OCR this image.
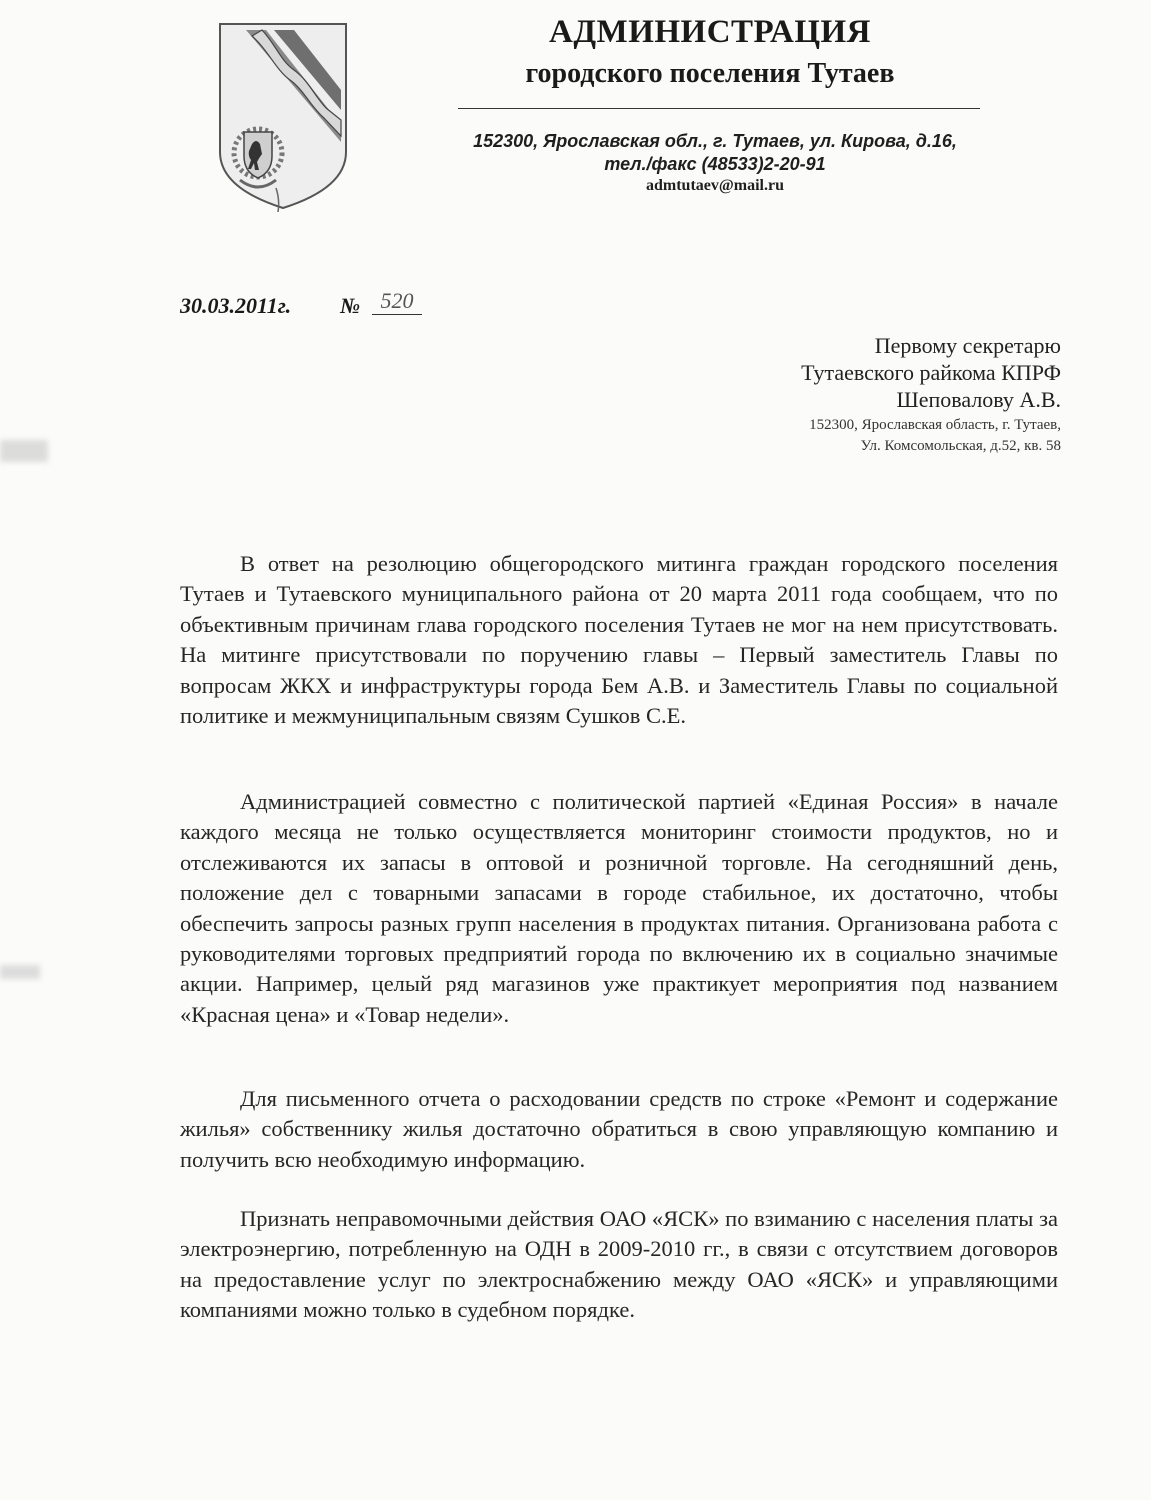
АДМИНИСТРАЦИЯ
городского поселения Тутаев
152300, Ярославская обл., г. Тутаев, ул. Кирова, д.16,
тел./факс (48533)2-20-91
admtutaev@mail.ru
30.03.2011г. № 520
Первому секретарю
Тутаевского райкома КПРФ
Шеповалову А.В.
152300, Ярославская область, г. Тутаев,
Ул. Комсомольская, д.52, кв. 58

В ответ на резолюцию общегородского митинга граждан городского поселения Тутаев и Тутаевского муниципального района от 20 марта 2011 года сообщаем, что по объективным причинам глава городского поселения Тутаев не мог на нем присутствовать. На митинге присутствовали по поручению главы – Первый заместитель Главы по вопросам ЖКХ и инфраструктуры города Бем А.В. и Заместитель Главы по социальной политике и межмуниципальным связям Сушков С.Е.

Администрацией совместно с политической партией «Единая Россия» в начале каждого месяца не только осуществляется мониторинг стоимости продуктов, но и отслеживаются их запасы в оптовой и розничной торговле. На сегодняшний день, положение дел с товарными запасами в городе стабильное, их достаточно, чтобы обеспечить запросы разных групп населения в продуктах питания. Организована работа с руководителями торговых предприятий города по включению их в социально значимые акции. Например, целый ряд магазинов уже практикует мероприятия под названием «Красная цена» и «Товар недели».

Для письменного отчета о расходовании средств по строке «Ремонт и содержание жилья» собственнику жилья достаточно обратиться в свою управляющую компанию и получить всю необходимую информацию.

Признать неправомочными действия ОАО «ЯСК» по взиманию с населения платы за электроэнергию, потребленную на ОДН в 2009-2010 гг., в связи с отсутствием договоров на предоставление услуг по электроснабжению между ОАО «ЯСК» и управляющими компаниями можно только в судебном порядке.
